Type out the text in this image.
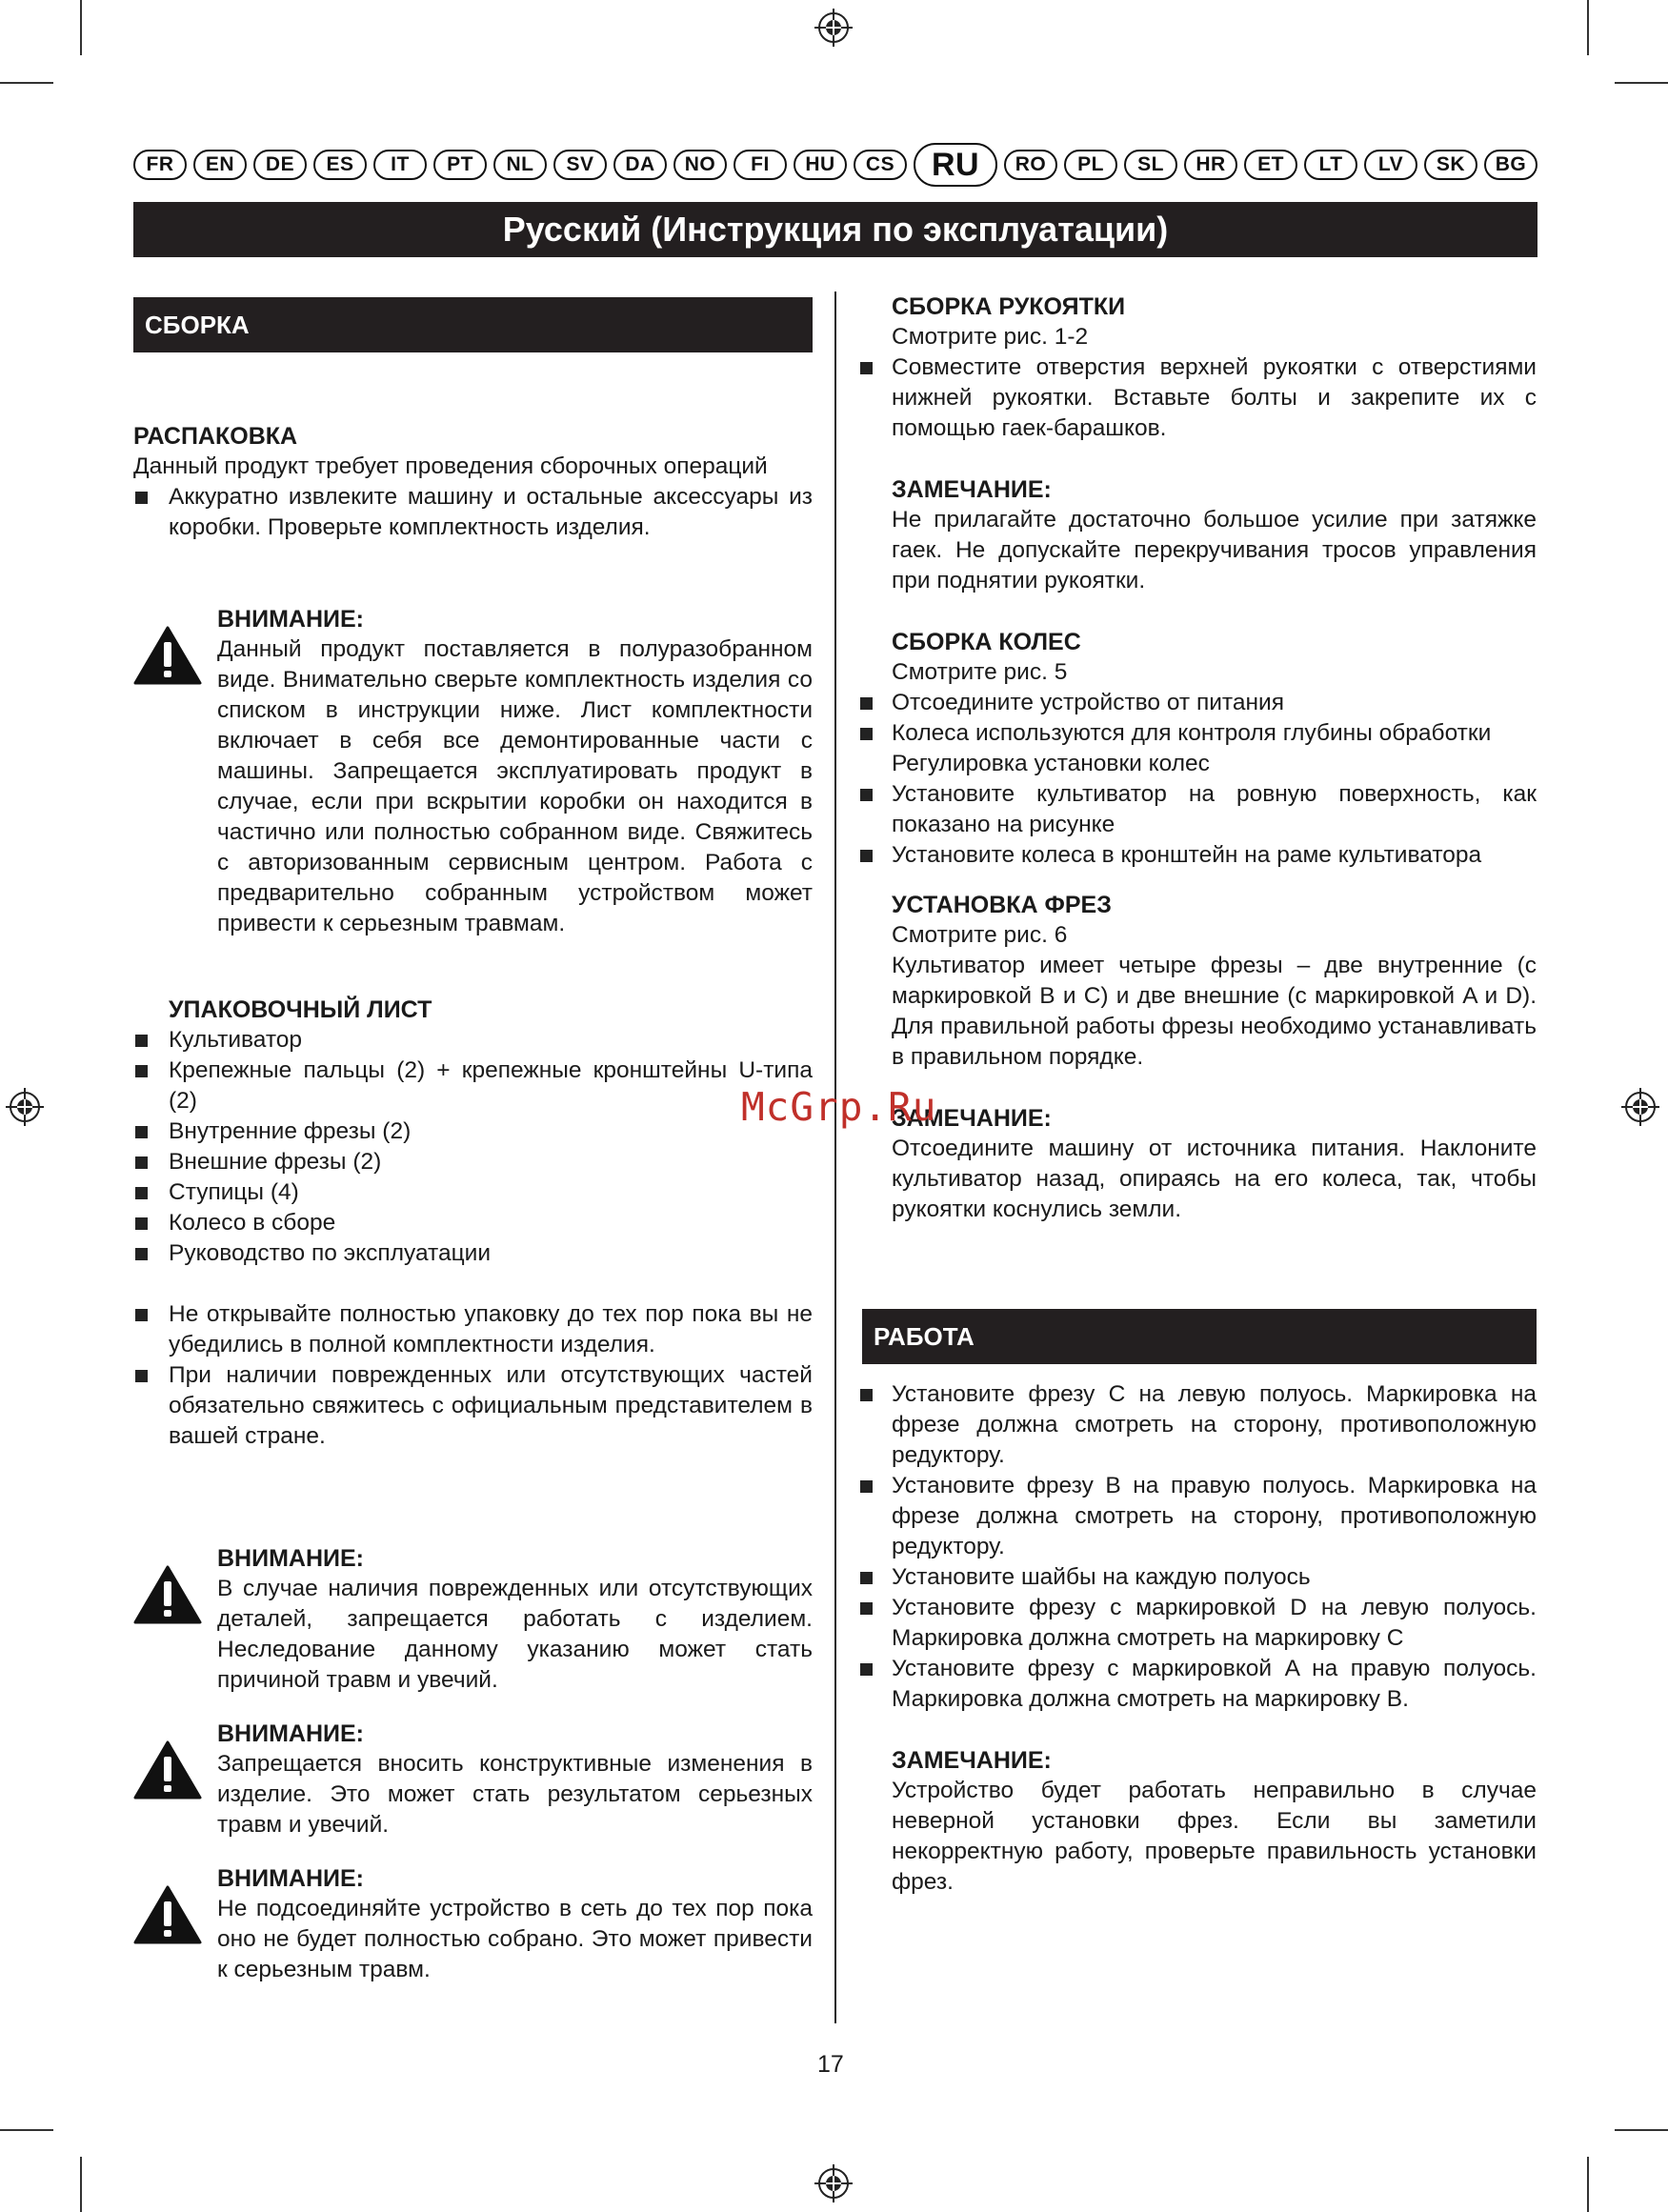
FR	EN	DE	ES	IT	PT	NL	SV	DA	NO	FI	HU	CS	RU	RO	PL	SL	HR	ET	LT	LV	SK	BG
Русский (Инструкция по эксплуатации)
СБОРКА
РАСПАКОВКА

Данный продукт требует проведения сборочных операций

Аккуратно извлеките машину и остальные аксессуары из коробки. Проверьте комплектность изделия.
ВНИМАНИЕ:

Данный продукт поставляется в полуразобранном виде. Внимательно сверьте комплектность изделия со списком в инструкции ниже. Лист комплектности включает в себя все демонтированные части с машины. Запрещается эксплуатировать продукт в случае, если при вскрытии коробки он находится в частично или полностью собранном виде. Свяжитесь с авторизованным сервисным центром. Работа с предварительно собранным устройством может привести к серьезным травмам.

УПАКОВОЧНЫЙ ЛИСТ
Культиватор
Крепежные пальцы (2) + крепежные кронштейны U-типа (2)
Внутренние фрезы (2)
Внешние фрезы (2)
Ступицы (4)
Колесо в сборе
Руководство по эксплуатации
Не открывайте полностью упаковку до тех пор пока вы не убедились в полной комплектности изделия.
При наличии поврежденных или отсутствующих частей обязательно свяжитесь с официальным представителем в вашей стране.
ВНИМАНИЕ:

В случае наличия поврежденных или отсутствующих деталей, запрещается работать с изделием. Неследование данному указанию может стать причиной травм и увечий.

ВНИМАНИЕ:

Запрещается вносить конструктивные изменения в изделие. Это может стать результатом серьезных травм и увечий.

ВНИМАНИЕ:

Не подсоединяйте устройство в сеть до тех пор пока оно не будет полностью собрано. Это может привести к серьезным травм.

СБОРКА РУКОЯТКИ

Смотрите рис. 1-2

Совместите отверстия верхней рукоятки с отверстиями нижней рукоятки. Вставьте болты и закрепите их с помощью гаек-барашков.
ЗАМЕЧАНИЕ:

Не прилагайте достаточно большое усилие при затяжке гаек. Не допускайте перекручивания тросов управления при поднятии рукоятки.

СБОРКА КОЛЕС

Смотрите рис. 5

Отсоедините устройство от питания
Колеса используются для контроля глубины обработки

Регулировка установки колес

Установите культиватор на ровную поверхность, как показано на рисунке
Установите колеса в кронштейн на раме культиватора
УСТАНОВКА ФРЕЗ

Смотрите рис. 6

Культиватор имеет четыре фрезы – две внутренние (с маркировкой B и C) и две внешние (с маркировкой A и D). Для правильной работы фрезы необходимо устанавливать в правильном порядке.

ЗАМЕЧАНИЕ:

Отсоедините машину от источника питания. Наклоните культиватор назад, опираясь на его колеса, так, чтобы рукоятки коснулись земли.

РАБОТА
Установите фрезу C на левую полуось. Маркировка на фрезе должна смотреть на сторону, противоположную редуктору.
Установите фрезу B на правую полуось. Маркировка на фрезе должна смотреть на сторону, противоположную редуктору.
Установите шайбы на каждую полуось
Установите фрезу с маркировкой D на левую полуось. Маркировка должна смотреть на маркировку C
Установите фрезу с маркировкой A на правую полуось. Маркировка должна смотреть на маркировку B.
ЗАМЕЧАНИЕ:

Устройство будет работать неправильно в случае неверной установки фрез. Если вы заметили некорректную работу, проверьте правильность установки фрез.

McGrp.Ru
17
